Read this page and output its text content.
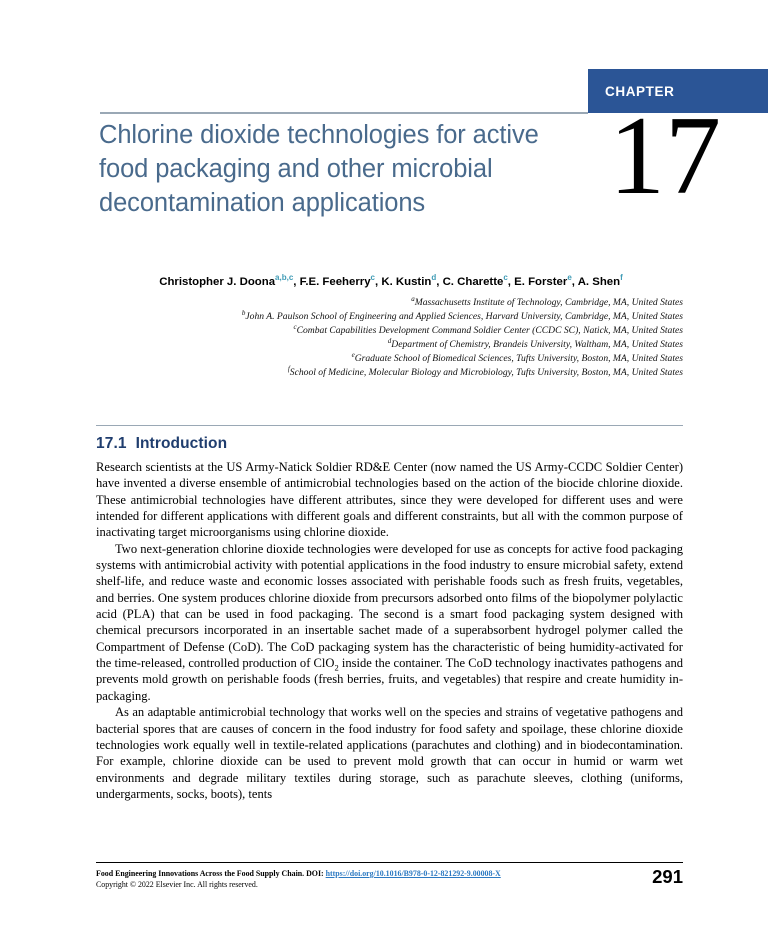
CHAPTER
Chlorine dioxide technologies for active food packaging and other microbial decontamination applications	17
Christopher J. Doona$^{a,b,c}$, F.E. Feeherry$^c$, K. Kustin$^d$, C. Charette$^c$, E. Forster$^e$, A. Shen$^f$
$^a$Massachusetts Institute of Technology, Cambridge, MA, United States
$^b$John A. Paulson School of Engineering and Applied Sciences, Harvard University, Cambridge, MA, United States
$^c$Combat Capabilities Development Command Soldier Center (CCDC SC), Natick, MA, United States
$^d$Department of Chemistry, Brandeis University, Waltham, MA, United States
$^e$Graduate School of Biomedical Sciences, Tufts University, Boston, MA, United States
$^f$School of Medicine, Molecular Biology and Microbiology, Tufts University, Boston, MA, United States
17.1 Introduction

Research scientists at the US Army-Natick Soldier RD&E Center (now named the US Army-CCDC Soldier Center) have invented a diverse ensemble of antimicrobial technologies based on the action of the biocide chlorine dioxide. These antimicrobial technologies have different attributes, since they were developed for different uses and were intended for different applications with different goals and different constraints, but all with the common purpose of inactivating target microorganisms using chlorine dioxide.

Two next-generation chlorine dioxide technologies were developed for use as concepts for active food packaging systems with antimicrobial activity with potential applications in the food industry to ensure microbial safety, extend shelf-life, and reduce waste and economic losses associated with perishable foods such as fresh fruits, vegetables, and berries. One system produces chlorine dioxide from precursors adsorbed onto films of the biopolymer polylactic acid (PLA) that can be used in food packaging. The second is a smart food packaging system designed with chemical precursors incorporated in an insertable sachet made of a superabsorbent hydrogel polymer called the Compartment of Defense (CoD). The CoD packaging system has the characteristic of being humidity-activated for the time-released, controlled production of ClO$_2$ inside the container. The CoD technology inactivates pathogens and prevents mold growth on perishable foods (fresh berries, fruits, and vegetables) that respire and create humidity in-packaging.

As an adaptable antimicrobial technology that works well on the species and strains of vegetative pathogens and bacterial spores that are causes of concern in the food industry for food safety and spoilage, these chlorine dioxide technologies work equally well in textile-related applications (parachutes and clothing) and in biodecontamination. For example, chlorine dioxide can be used to prevent mold growth that can occur in humid or warm wet environments and degrade military textiles during storage, such as parachute sleeves, clothing (uniforms, undergarments, socks, boots), tents

Food Engineering Innovations Across the Food Supply Chain. DOI: https://doi.org/10.1016/B978-0-12-821292-9.00008-X
Copyright © 2022 Elsevier Inc. All rights reserved.	291
